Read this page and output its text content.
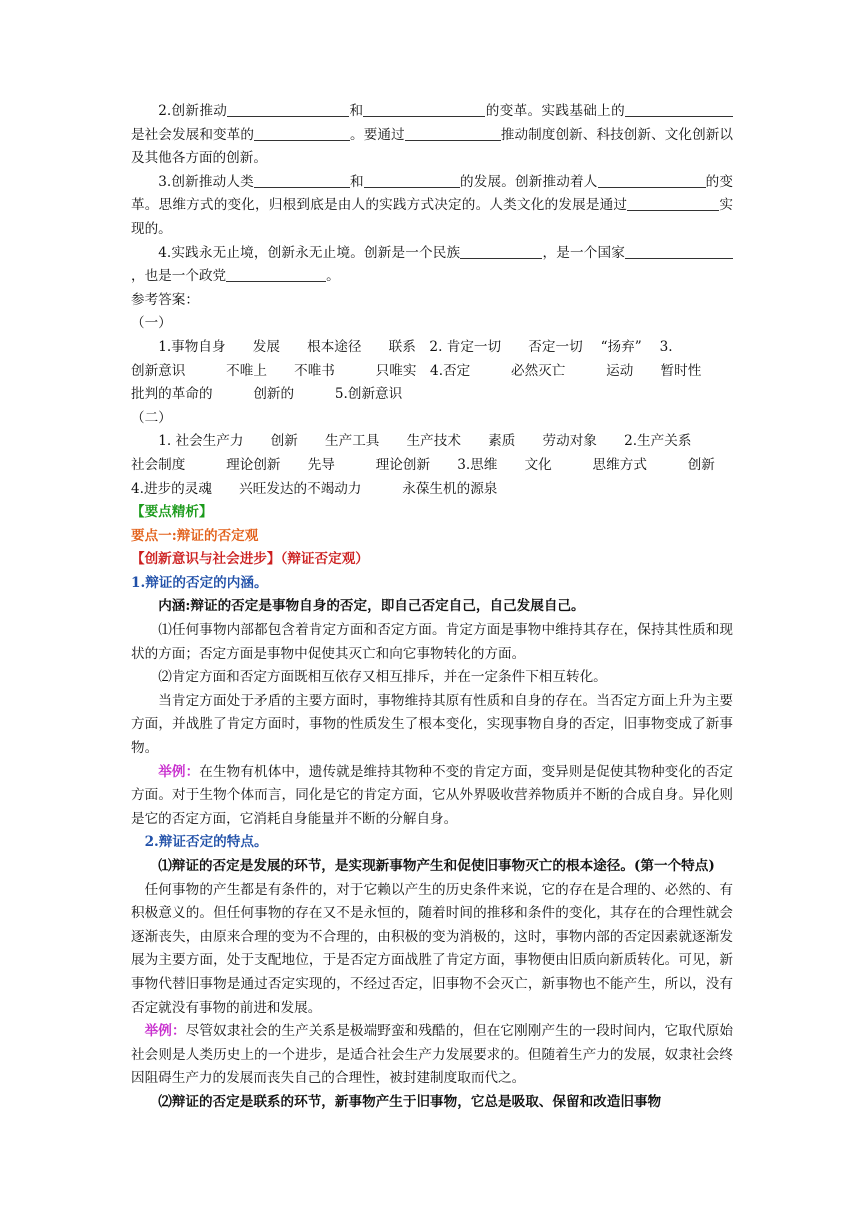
2.创新推动	和	的变革。实践基础上的是社会发展和变革的	。要通过	推动制度创新、科技创新、文化创新以及其他各方面的创新。

3.创新推动人类	和	的发展。创新推动着人	的变革。思维方式的变化，归根到底是由人的实践方式决定的。人类文化的发展是通过	实现的。

4.实践永无止境，创新永无止境。创新是一个民族	，是一个国家，也是一个政党	。

参考答案：

（一）

1.事物自身　　发展　　根本途径　　联系　2. 肯定一切　　否定一切　 “扬弃”　 3.

创新意识　　　不唯上　　不唯书　　　只唯实　4.否定　　　必然灭亡　　　运动　　暂时性

批判的革命的　　　创新的　　　5.创新意识

（二）

1. 社会生产力　　创新　　生产工具　　生产技术　　素质　　劳动对象　　2.生产关系

社会制度　　　理论创新　　先导　　　理论创新　　3.思维　　文化　　　思维方式　　　创新

4.进步的灵魂　　兴旺发达的不竭动力　　　永葆生机的源泉

【要点精析】

要点一:辩证的否定观

【创新意识与社会进步】（辩证否定观）

1.辩证的否定的内涵。

内涵:辩证的否定是事物自身的否定，即自己否定自己，自己发展自己。

⑴任何事物内部都包含着肯定方面和否定方面。肯定方面是事物中维持其存在，保持其性质和现状的方面；否定方面是事物中促使其灭亡和向它事物转化的方面。

⑵肯定方面和否定方面既相互依存又相互排斥，并在一定条件下相互转化。

当肯定方面处于矛盾的主要方面时，事物维持其原有性质和自身的存在。当否定方面上升为主要方面，并战胜了肯定方面时，事物的性质发生了根本变化，实现事物自身的否定，旧事物变成了新事物。

举例：在生物有机体中，遗传就是维持其物种不变的肯定方面，变异则是促使其物种变化的否定方面。对于生物个体而言，同化是它的肯定方面，它从外界吸收营养物质并不断的合成自身。异化则是它的否定方面，它消耗自身能量并不断的分解自身。

2.辩证否定的特点。

⑴辩证的否定是发展的环节，是实现新事物产生和促使旧事物灭亡的根本途径。(第一个特点)

任何事物的产生都是有条件的，对于它赖以产生的历史条件来说，它的存在是合理的、必然的、有积极意义的。但任何事物的存在又不是永恒的，随着时间的推移和条件的变化，其存在的合理性就会逐渐丧失，由原来合理的变为不合理的，由积极的变为消极的，这时，事物内部的否定因素就逐渐发展为主要方面，处于支配地位，于是否定方面战胜了肯定方面，事物便由旧质向新质转化。可见，新事物代替旧事物是通过否定实现的，不经过否定，旧事物不会灭亡，新事物也不能产生，所以，没有否定就没有事物的前进和发展。

举例：尽管奴隶社会的生产关系是极端野蛮和残酷的，但在它刚刚产生的一段时间内，它取代原始社会则是人类历史上的一个进步，是适合社会生产力发展要求的。但随着生产力的发展，奴隶社会终因阻碍生产力的发展而丧失自己的合理性，被封建制度取而代之。

⑵辩证的否定是联系的环节，新事物产生于旧事物，它总是吸取、保留和改造旧事物
